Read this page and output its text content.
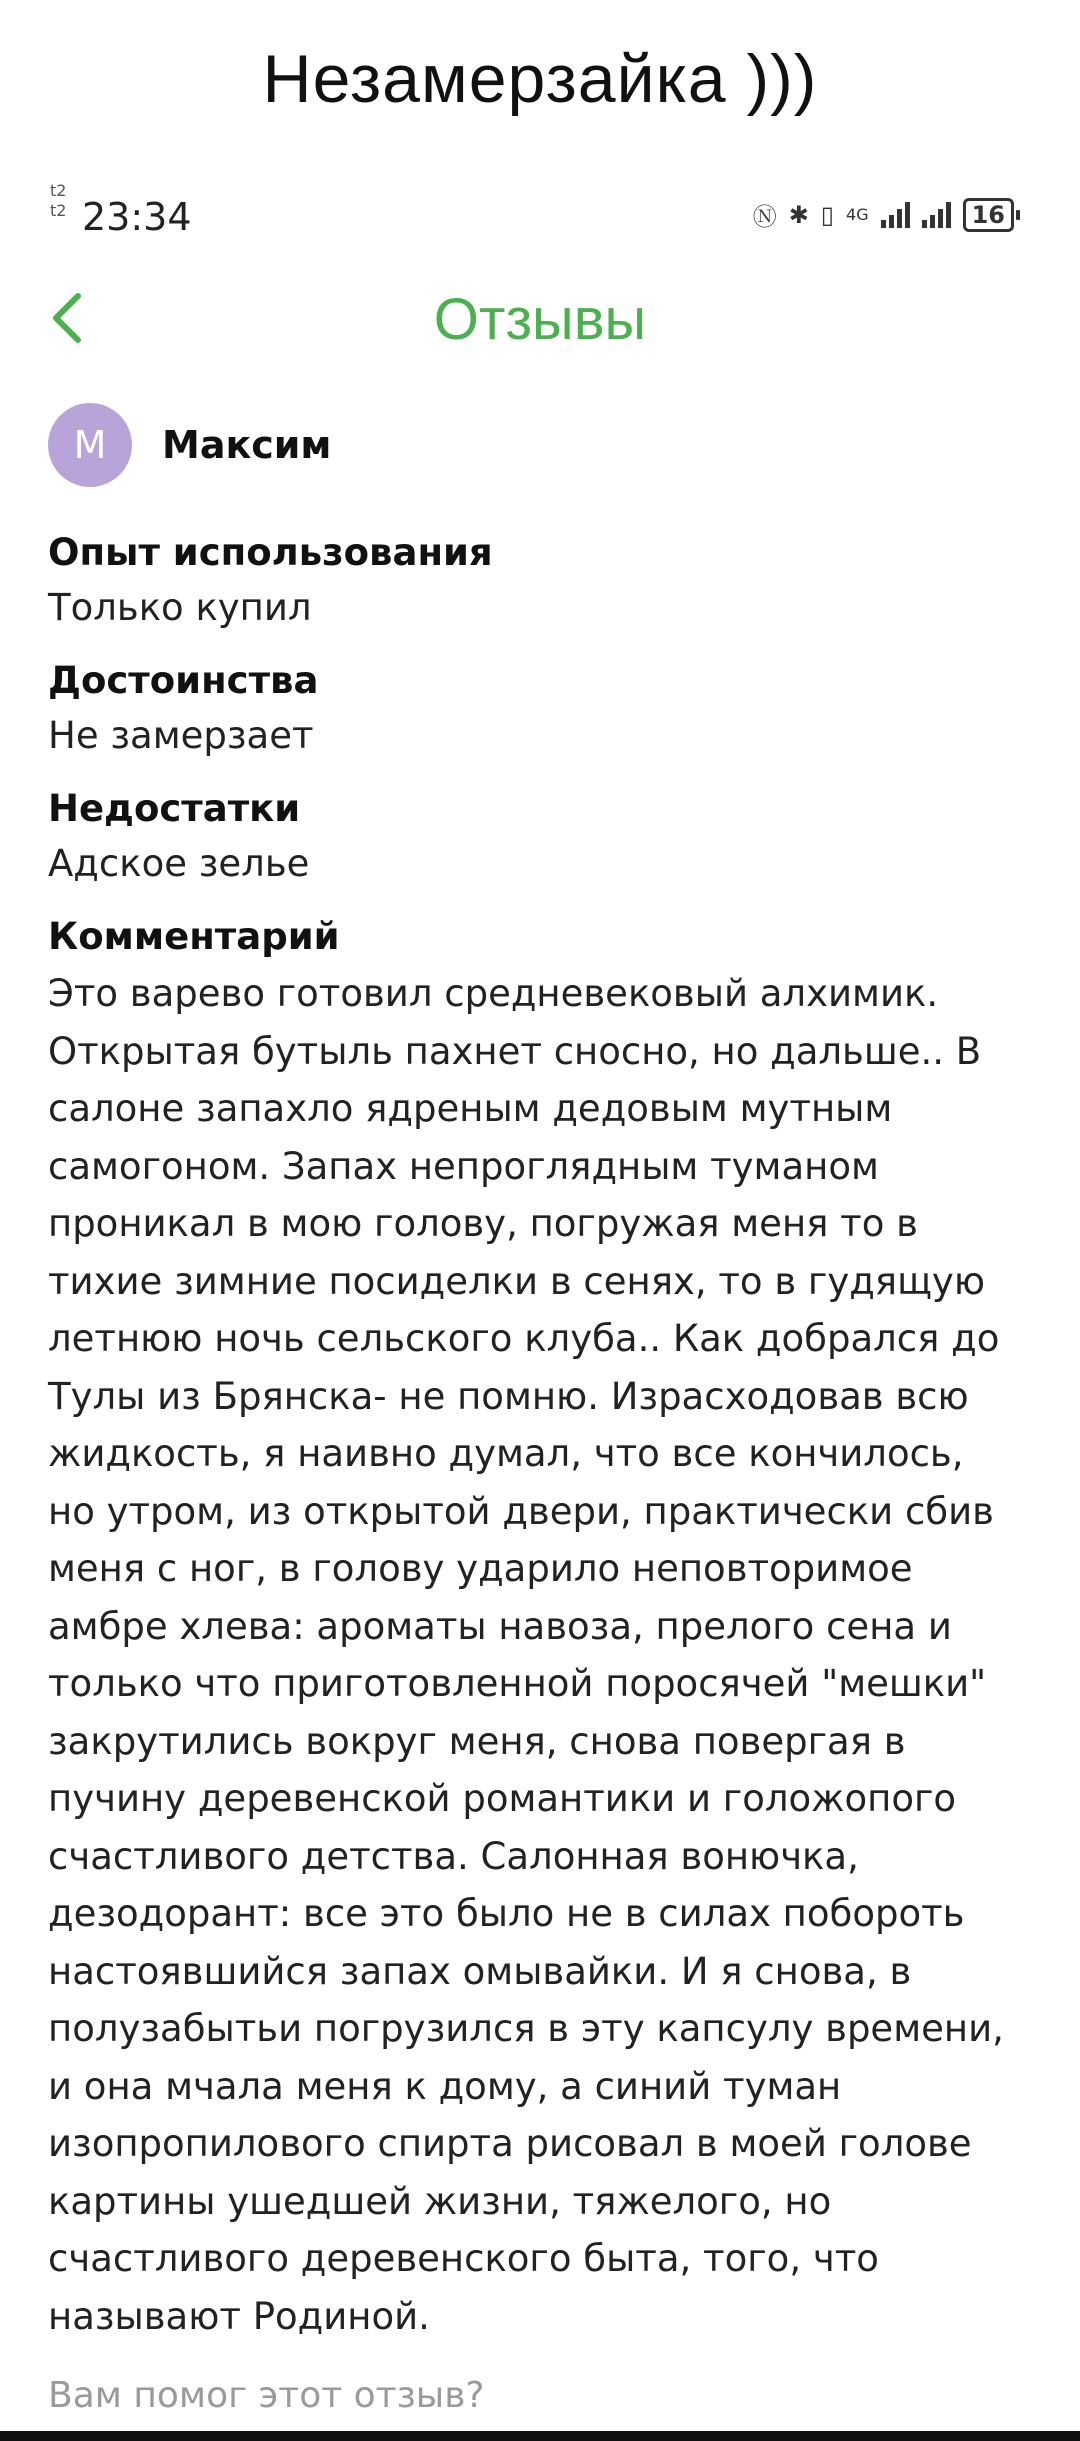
Незамерзайка )))
t2
t2 23:34	Ⓝ ✱ ▯ 4G	16
Отзывы
М	Максим
Опыт использования
Только купил
Достоинства
Не замерзает
Недостатки
Адское зелье
Комментарий
Это варево готовил средневековый алхимик.
Открытая бутыль пахнет сносно, но дальше.. В
салоне запахло ядреным дедовым мутным
самогоном. Запах непроглядным туманом
проникал в мою голову, погружая меня то в
тихие зимние посиделки в сенях, то в гудящую
летнюю ночь сельского клуба.. Как добрался до
Тулы из Брянска- не помню. Израсходовав всю
жидкость, я наивно думал, что все кончилось,
но утром, из открытой двери, практически сбив
меня с ног, в голову ударило неповторимое
амбре хлева: ароматы навоза, прелого сена и
только что приготовленной поросячей "мешки"
закрутились вокруг меня, снова повергая в
пучину деревенской романтики и голожопого
счастливого детства. Салонная вонючка,
дезодорант: все это было не в силах побороть
настоявшийся запах омывайки. И я снова, в
полузабытьи погрузился в эту капсулу времени,
и она мчала меня к дому, а синий туман
изопропилового спирта рисовал в моей голове
картины ушедшей жизни, тяжелого, но
счастливого деревенского быта, того, что
называют Родиной.
Вам помог этот отзыв?
